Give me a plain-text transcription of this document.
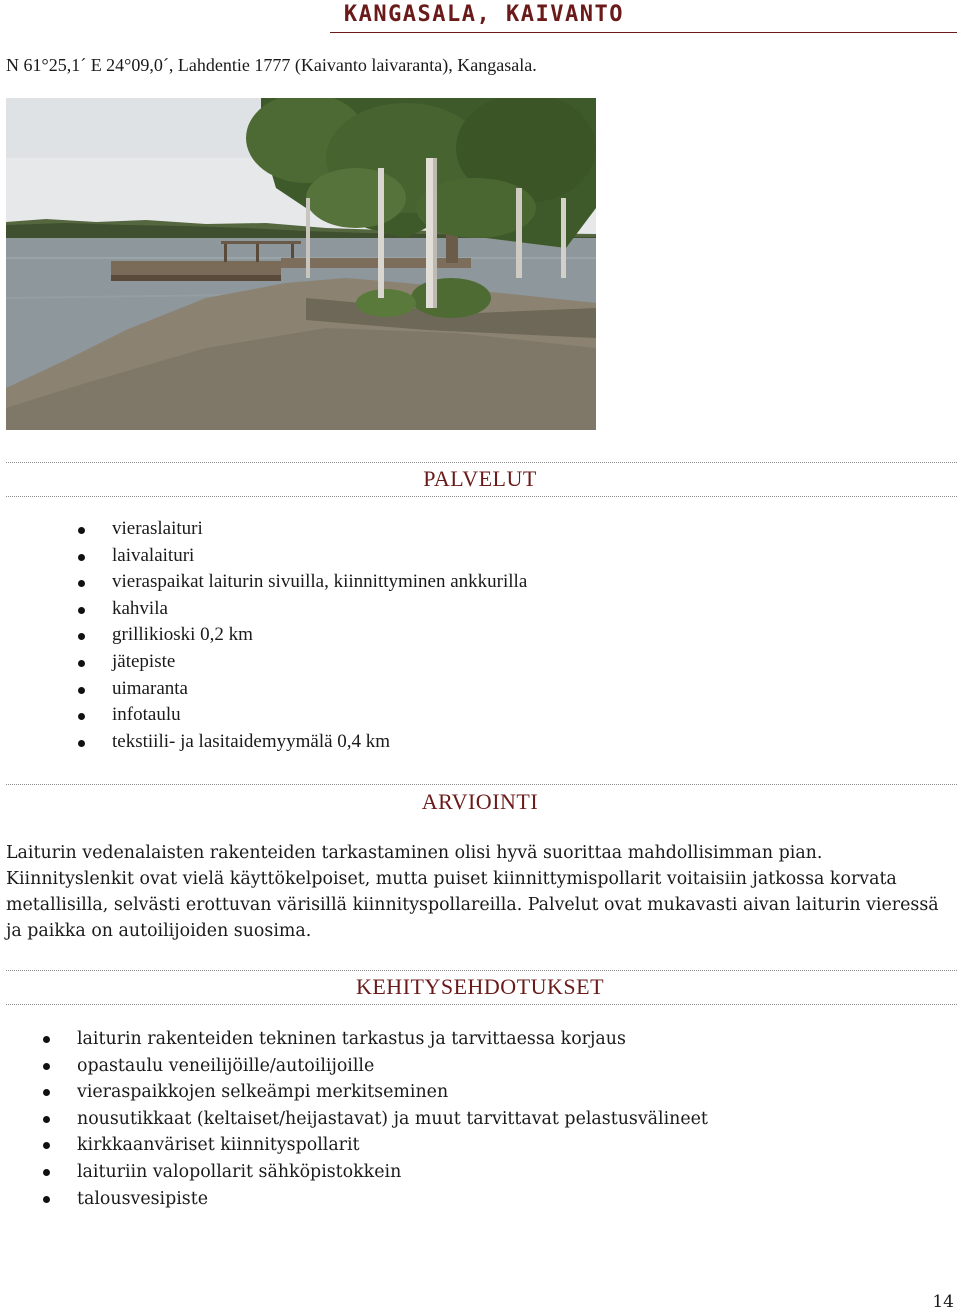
KANGASALA, KAIVANTO
N 61°25,1´ E 24°09,0´, Lahdentie 1777 (Kaivanto laivaranta), Kangasala.
PALVELUT
vieraslaituri
laivalaituri
vieraspaikat laiturin sivuilla, kiinnittyminen ankkurilla
kahvila
grillikioski 0,2 km
jätepiste
uimaranta
infotaulu
tekstiili- ja lasitaidemyymälä 0,4 km
ARVIOINTI
Laiturin vedenalaisten rakenteiden tarkastaminen olisi hyvä suorittaa mahdollisimman pian. Kiinnityslenkit ovat vielä käyttökelpoiset, mutta puiset kiinnittymispollarit voitaisiin jatkossa korvata metallisilla, selvästi erottuvan värisillä kiinnityspollareilla. Palvelut ovat mukavasti aivan laiturin vieressä ja paikka on autoilijoiden suosima.
KEHITYSEHDOTUKSET
laiturin rakenteiden tekninen tarkastus ja tarvittaessa korjaus
opastaulu veneilijöille/autoilijoille
vieraspaikkojen selkeämpi merkitseminen
nousutikkaat (keltaiset/heijastavat) ja muut tarvittavat pelastusvälineet
kirkkaanväriset kiinnityspollarit
laituriin valopollarit sähköpistokkein
talousvesipiste
14
